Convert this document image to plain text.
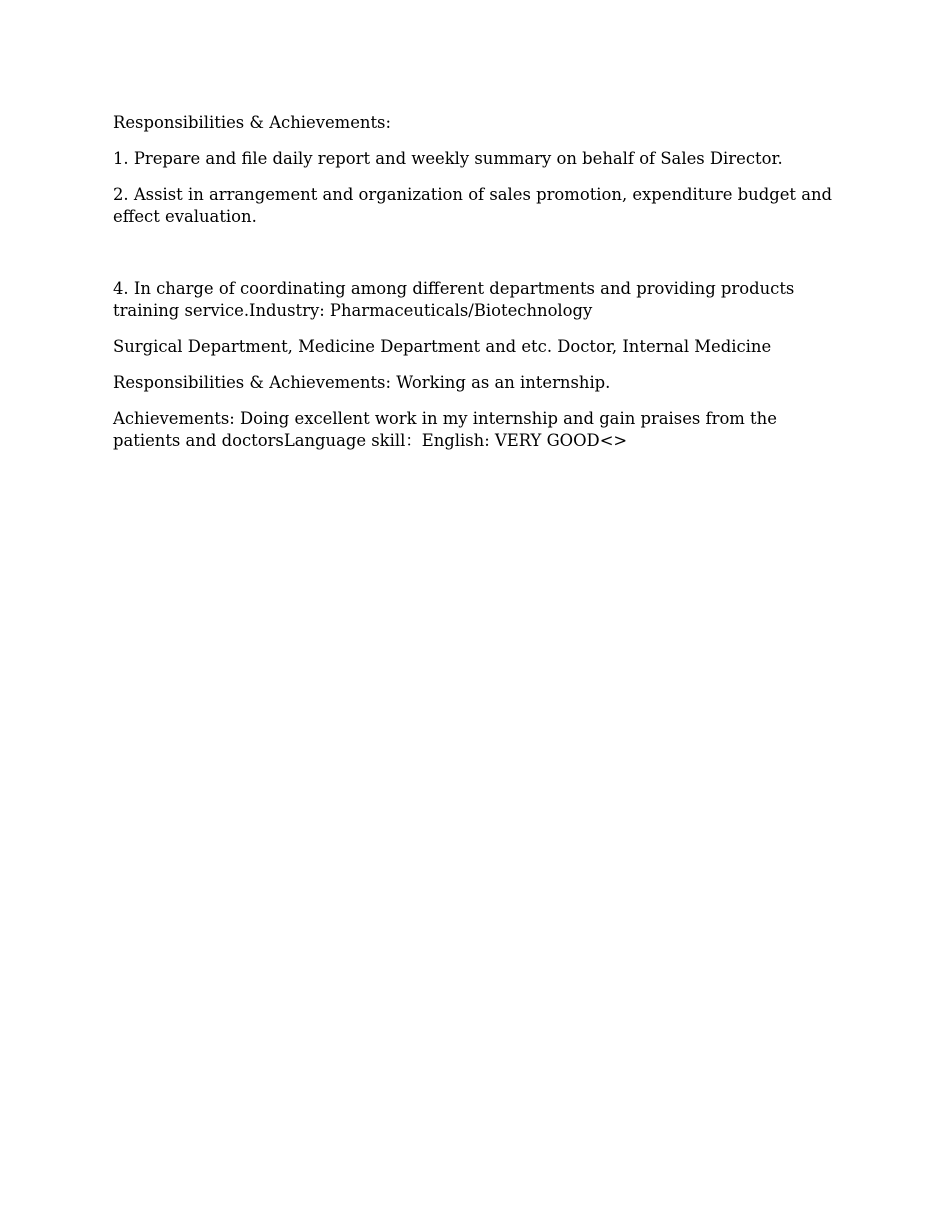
Responsibilities & Achievements:

1. Prepare and file daily report and weekly summary on behalf of Sales Director.

2. Assist in arrangement and organization of sales promotion, expenditure budget and effect evaluation.

4. In charge of coordinating among different departments and providing products training service.Industry: Pharmaceuticals/Biotechnology

Surgical Department, Medicine Department and etc. Doctor, Internal Medicine

Responsibilities & Achievements: Working as an internship.

Achievements: Doing excellent work in my internship and gain praises from the patients and doctorsLanguage skill：English: VERY GOOD<>
